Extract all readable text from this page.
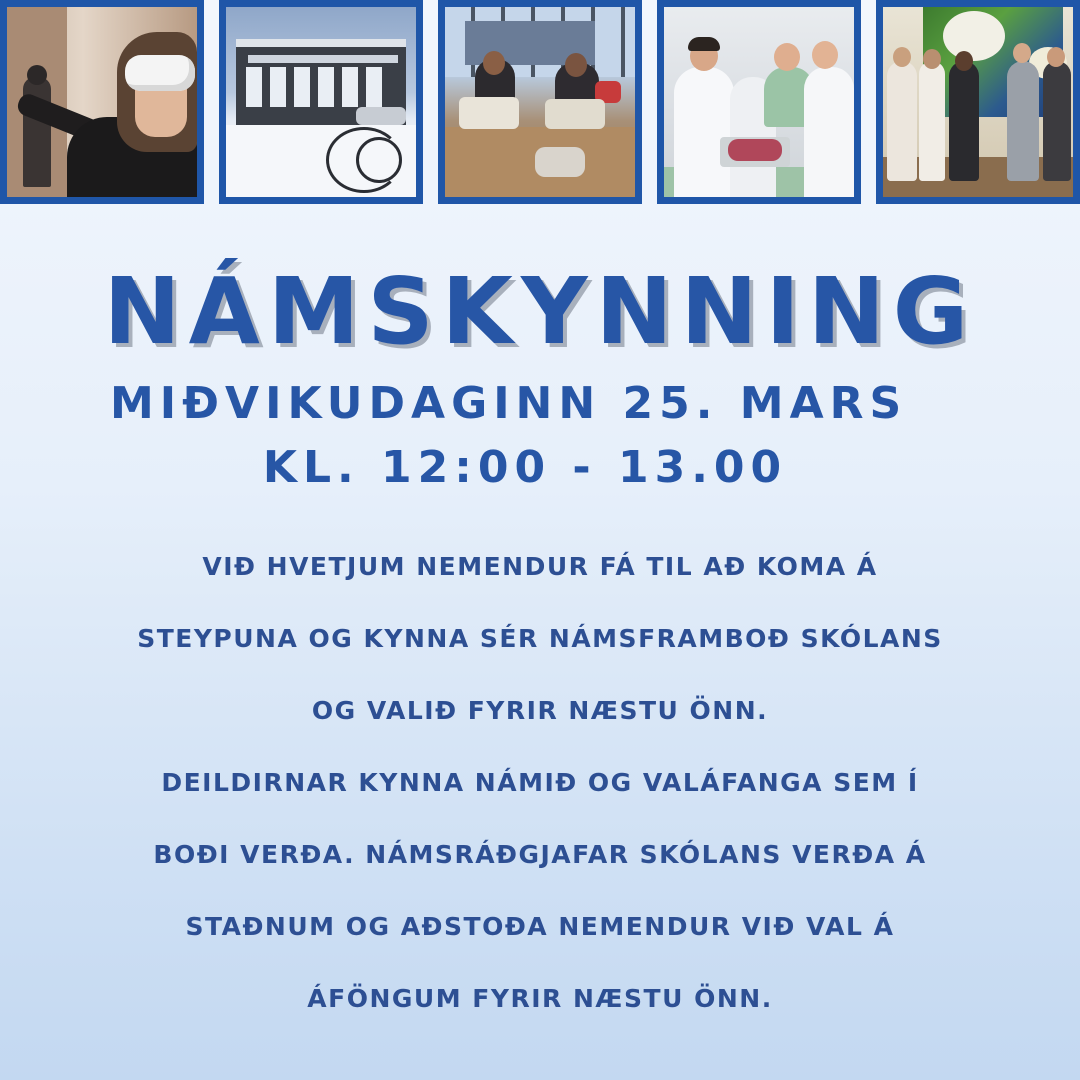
NÁMSKYNNING

MIÐVIKUDAGINN 25. MARS

KL. 12:00 - 13.00

VIÐ HVETJUM NEMENDUR FÁ TIL AÐ KOMA Á
STEYPUNA OG KYNNA SÉR NÁMSFRAMBOÐ SKÓLANS
OG VALIÐ FYRIR NÆSTU ÖNN.
DEILDIRNAR KYNNA NÁMIÐ OG VALÁFANGA SEM Í
BOÐI VERÐA. NÁMSRÁÐGJAFAR SKÓLANS VERÐA Á
STAÐNUM OG AÐSTOÐA NEMENDUR VIÐ VAL Á
ÁFÖNGUM FYRIR NÆSTU ÖNN.
